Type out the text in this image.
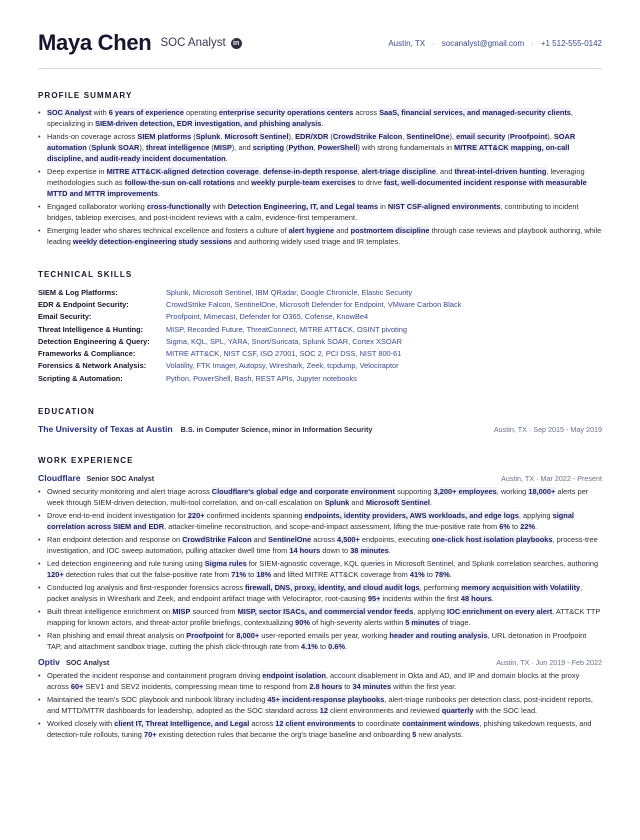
Maya Chen SOC Analyst	in	Austin, TX · socanalyst@gmail.com · +1 512-555-0142
PROFILE SUMMARY
• SOC Analyst with 6 years of experience operating enterprise security operations centers across SaaS, financial services, and managed-security clients, specializing in SIEM-driven detection, EDR investigation, and phishing analysis.
• Hands-on coverage across SIEM platforms (Splunk, Microsoft Sentinel), EDR/XDR (CrowdStrike Falcon, SentinelOne), email security (Proofpoint), SOAR automation (Splunk SOAR), threat intelligence (MISP), and scripting (Python, PowerShell) with strong fundamentals in MITRE ATT&CK mapping, on-call discipline, and audit-ready incident documentation.
• Deep expertise in MITRE ATT&CK-aligned detection coverage, defense-in-depth response, alert-triage discipline, and threat-intel-driven hunting, leveraging methodologies such as follow-the-sun on-call rotations and weekly purple-team exercises to drive fast, well-documented incident response with measurable MTTD and MTTR improvements.
• Engaged collaborator working cross-functionally with Detection Engineering, IT, and Legal teams in NIST CSF-aligned environments, contributing to incident bridges, tabletop exercises, and post-incident reviews with a calm, evidence-first temperament.
• Emerging leader who shares technical excellence and fosters a culture of alert hygiene and postmortem discipline through case reviews and playbook authoring, while leading weekly detection-engineering study sessions and authoring widely used triage and IR templates.
TECHNICAL SKILLS
SIEM & Log Platforms:	Splunk, Microsoft Sentinel, IBM QRadar, Google Chronicle, Elastic Security
EDR & Endpoint Security:	CrowdStrike Falcon, SentinelOne, Microsoft Defender for Endpoint, VMware Carbon Black
Email Security:	Proofpoint, Mimecast, Defender for O365, Cofense, KnowBe4
Threat Intelligence & Hunting:	MISP, Recorded Future, ThreatConnect, MITRE ATT&CK, OSINT pivoting
Detection Engineering & Query:	Sigma, KQL, SPL, YARA, Snort/Suricata, Splunk SOAR, Cortex XSOAR
Frameworks & Compliance:	MITRE ATT&CK, NIST CSF, ISO 27001, SOC 2, PCI DSS, NIST 800-61
Forensics & Network Analysis:	Volatility, FTK Imager, Autopsy, Wireshark, Zeek, tcpdump, Velociraptor
Scripting & Automation:	Python, PowerShell, Bash, REST APIs, Jupyter notebooks
EDUCATION
The University of Texas at Austin B.S. in Computer Science, minor in Information Security	Austin, TX · Sep 2015 - May 2019
WORK EXPERIENCE
Cloudflare Senior SOC Analyst	Austin, TX · Mar 2022 - Present
• Owned security monitoring and alert triage across Cloudflare's global edge and corporate environment supporting 3,200+ employees, working 18,000+ alerts per week through SIEM-driven detection, multi-tool correlation, and on-call escalation on Splunk and Microsoft Sentinel.
• Drove end-to-end incident investigation for 220+ confirmed incidents spanning endpoints, identity providers, AWS workloads, and edge logs, applying signal correlation across SIEM and EDR, attacker-timeline reconstruction, and scope-and-impact assessment, lifting the true-positive rate from 6% to 22%.
• Ran endpoint detection and response on CrowdStrike Falcon and SentinelOne across 4,500+ endpoints, executing one-click host isolation playbooks, process-tree investigation, and IOC sweep automation, pulling attacker dwell time from 14 hours down to 38 minutes.
• Led detection engineering and rule tuning using Sigma rules for SIEM-agnostic coverage, KQL queries in Microsoft Sentinel, and Splunk correlation searches, authoring 120+ detection rules that cut the false-positive rate from 71% to 18% and lifted MITRE ATT&CK coverage from 41% to 78%.
• Conducted log analysis and first-responder forensics across firewall, DNS, proxy, identity, and cloud audit logs, performing memory acquisition with Volatility, packet analysis in Wireshark and Zeek, and endpoint artifact triage with Velociraptor, root-causing 95+ incidents within the first 48 hours.
• Built threat intelligence enrichment on MISP sourced from MISP, sector ISACs, and commercial vendor feeds, applying IOC enrichment on every alert, ATT&CK TTP mapping for known actors, and threat-actor profile briefings, contextualizing 90% of high-severity alerts within 5 minutes of triage.
• Ran phishing and email threat analysis on Proofpoint for 8,000+ user-reported emails per year, working header and routing analysis, URL detonation in Proofpoint TAP, and attachment sandbox triage, cutting the phish click-through rate from 4.1% to 0.6%.
Optiv SOC Analyst	Austin, TX · Jun 2019 - Feb 2022
• Operated the incident response and containment program driving endpoint isolation, account disablement in Okta and AD, and IP and domain blocks at the proxy across 60+ SEV1 and SEV2 incidents, compressing mean time to respond from 2.8 hours to 34 minutes within the first year.
• Maintained the team's SOC playbook and runbook library including 45+ incident-response playbooks, alert-triage runbooks per detection class, post-incident reports, and MTTD/MTTR dashboards for leadership, adopted as the SOC standard across 12 client environments and reviewed quarterly with the SOC lead.
• Worked closely with client IT, Threat Intelligence, and Legal across 12 client environments to coordinate containment windows, phishing takedown requests, and detection-rule rollouts, tuning 70+ existing detection rules that became the org's triage baseline and onboarding 5 new analysts.
